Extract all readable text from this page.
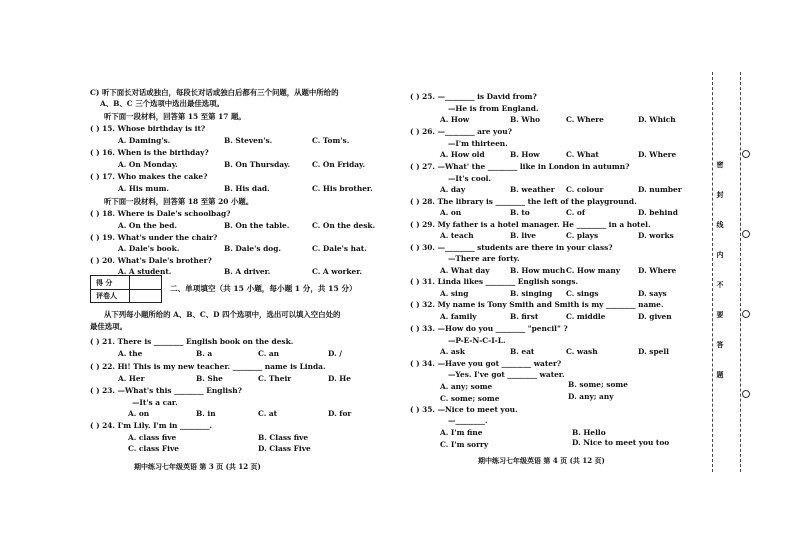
C) 听下面长对话或独白，每段长对话或独白后都有三个问题，从题中所给的
A、B、C 三个选项中选出最佳选项。
听下面一段材料，回答第 15 至第 17 题。
( ) 15. Whose birthday is it?
A. Daming's.	B. Steven's.	C. Tom's.
( ) 16. When is the birthday?
A. On Monday.	B. On Thursday.	C. On Friday.
( ) 17. Who makes the cake?
A. His mum.	B. His dad.	C. His brother.
听下面一段材料，回答第 18 至第 20 小题。
( ) 18. Where is Dale's schoolbag?
A. On the bed.	B. On the table.	C. On the desk.
( ) 19. What's under the chair?
A. Dale's book.	B. Dale's dog.	C. Dale's hat.
( ) 20. What's Dale's brother?
A. A student.	B. A driver.	C. A worker.
得 分
评卷人
二、单项填空（共 15 小题，每小题 1 分，共 15 分）
从下列每小题所给的 A、B、C、D 四个选项中，选出可以填入空白处的
最佳选项。
( ) 21. There is ________ English book on the desk.
A. the	B. a	C. an	D. /
( ) 22. Hi! This is my new teacher. ________ name is Linda.
A. Her	B. She	C. Their	D. He
( ) 23. —What's this ________ English?
—It's a car.
A. on	B. in	C. at	D. for
( ) 24. I'm Lily. I'm in ________.
A. class five	B. Class five
C. class Five	D. Class Five
期中练习七年级英语 第 3 页 (共 12 页)
( ) 25. —________ is David from?
—He is from England.
A. How	B. Who	C. Where	D. Which
( ) 26. —________ are you?
—I'm thirteen.
A. How old	B. How	C. What	D. Where
( ) 27. —What' the ________ like in London in autumn?
—It's cool.
A. day	B. weather C. colour	D. number
( ) 28. The library is ________ the left of the playground.
A. on	B. to	C. of	D. behind
( ) 29. My father is a hotel manager. He ________ in a hotel.
A. teach	B. live	C. plays	D. works
( ) 30. —________ students are there in your class?
—There are forty.
A. What day	B. How much C. How many D. Where
( ) 31. Linda likes ________ English songs.
A. sing	B. singing C. sings	D. says
( ) 32. My name is Tony Smith and Smith is my ________ name.
A. family	B. first	C. middle	D. given
( ) 33. —How do you ________ "pencil" ?
—P-E-N-C-I-L.
A. ask	B. eat	C. wash	D. spell
( ) 34. —Have you got ________ water?
—Yes. I've got ________ water.
A. any; some	B. some; some
C. some; some	D. any; any
( ) 35. —Nice to meet you.
—________.
A. I'm fine	B. Hello
C. I'm sorry	D. Nice to meet you too
期中练习七年级英语 第 4 页 (共 12 页)
密
封
线
内
不
要
答
题
